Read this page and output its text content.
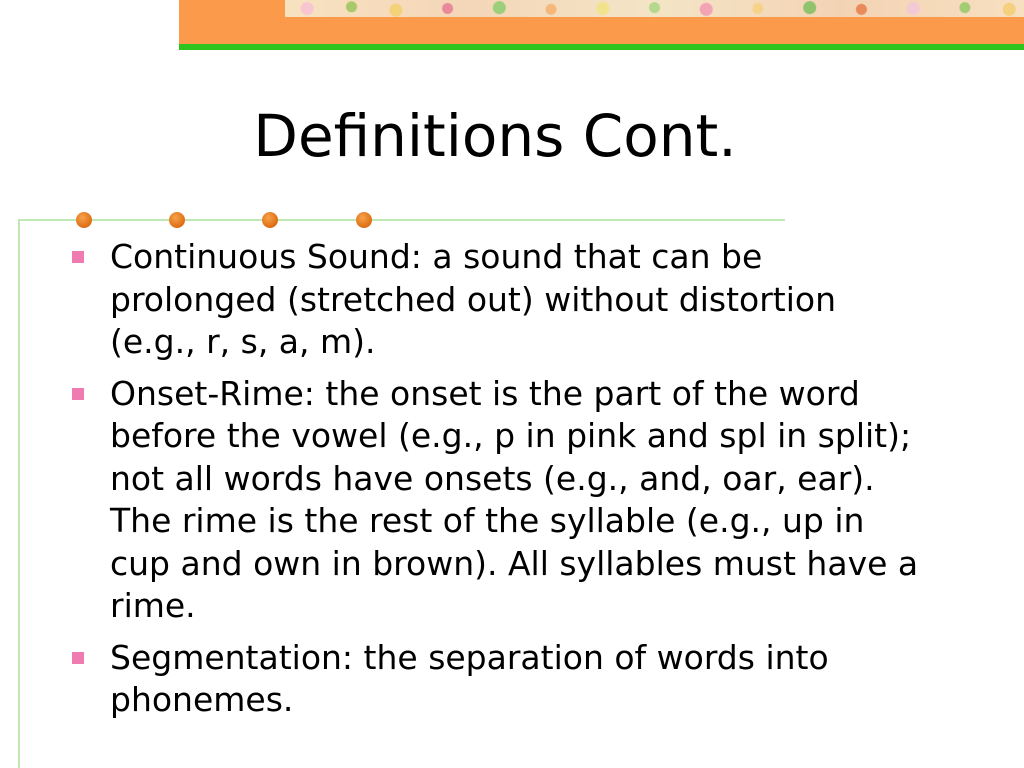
Definitions Cont.
Continuous Sound: a sound that can be prolonged (stretched out) without distortion (e.g., r, s, a, m).
Onset-Rime: the onset is the part of the word before the vowel (e.g., p in pink and spl in split); not all words have onsets (e.g., and, oar, ear). The rime is the rest of the syllable (e.g., up in cup and own in brown). All syllables must have a rime.
Segmentation: the separation of words into phonemes.
